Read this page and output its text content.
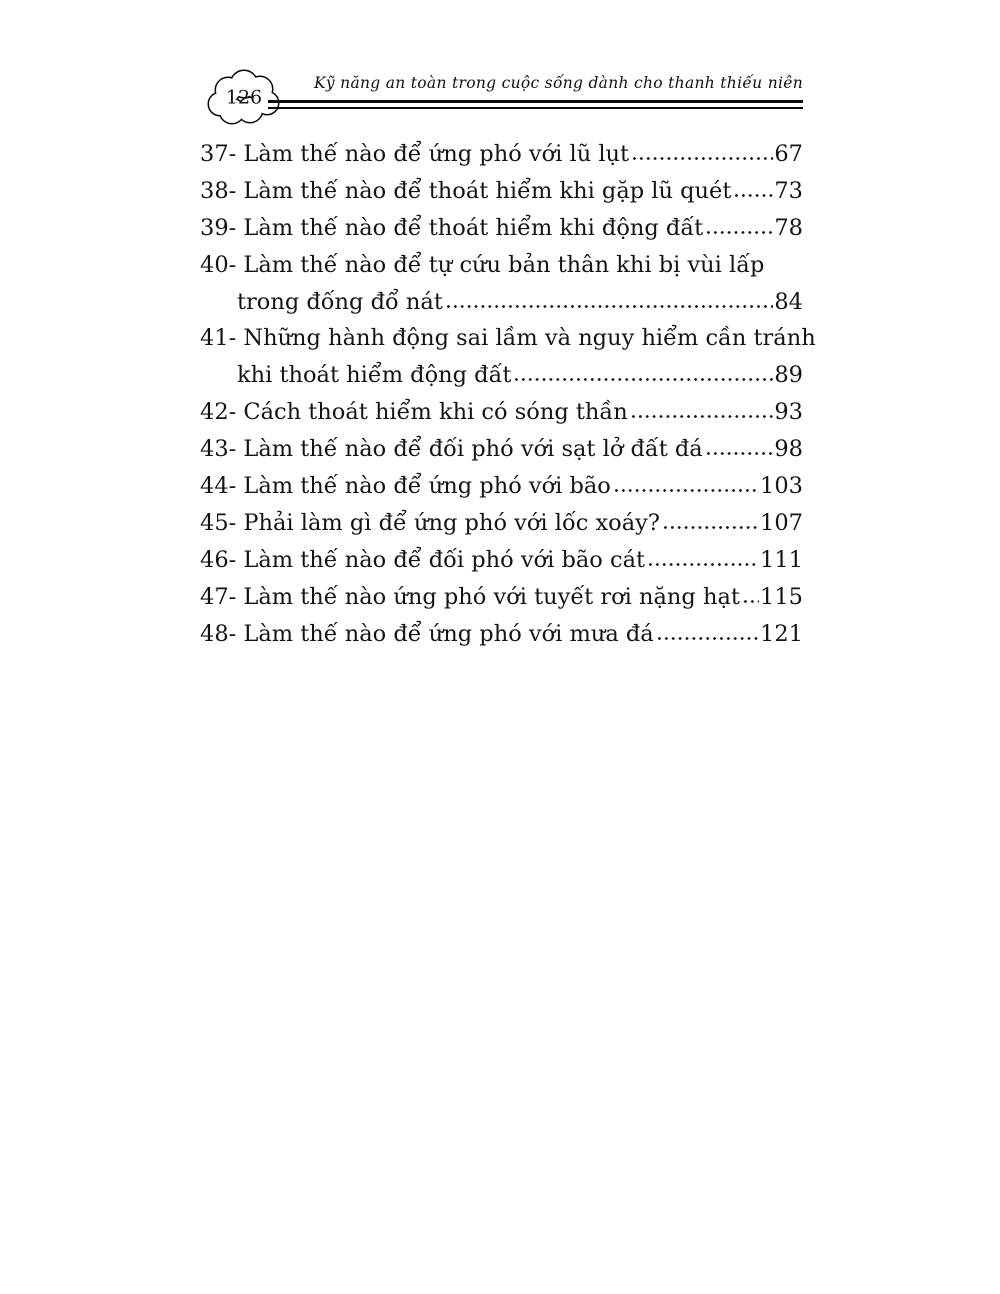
126
Kỹ năng an toàn trong cuộc sống dành cho thanh thiếu niên
37- Làm thế nào để ứng phó với lũ lụt	67
38- Làm thế nào để thoát hiểm khi gặp lũ quét 73
39- Làm thế nào để thoát hiểm khi động đất	78
40- Làm thế nào để tự cứu bản thân khi bị vùi lấp
trong đống đổ nát	84
41- Những hành động sai lầm và nguy hiểm cần tránh
khi thoát hiểm động đất	89
42- Cách thoát hiểm khi có sóng thần	93
43- Làm thế nào để đối phó với sạt lở đất đá	98
44- Làm thế nào để ứng phó với bão	103
45- Phải làm gì để ứng phó với lốc xoáy?	107
46- Làm thế nào để đối phó với bão cát	111
47- Làm thế nào ứng phó với tuyết rơi nặng hạt 115
48- Làm thế nào để ứng phó với mưa đá	121
